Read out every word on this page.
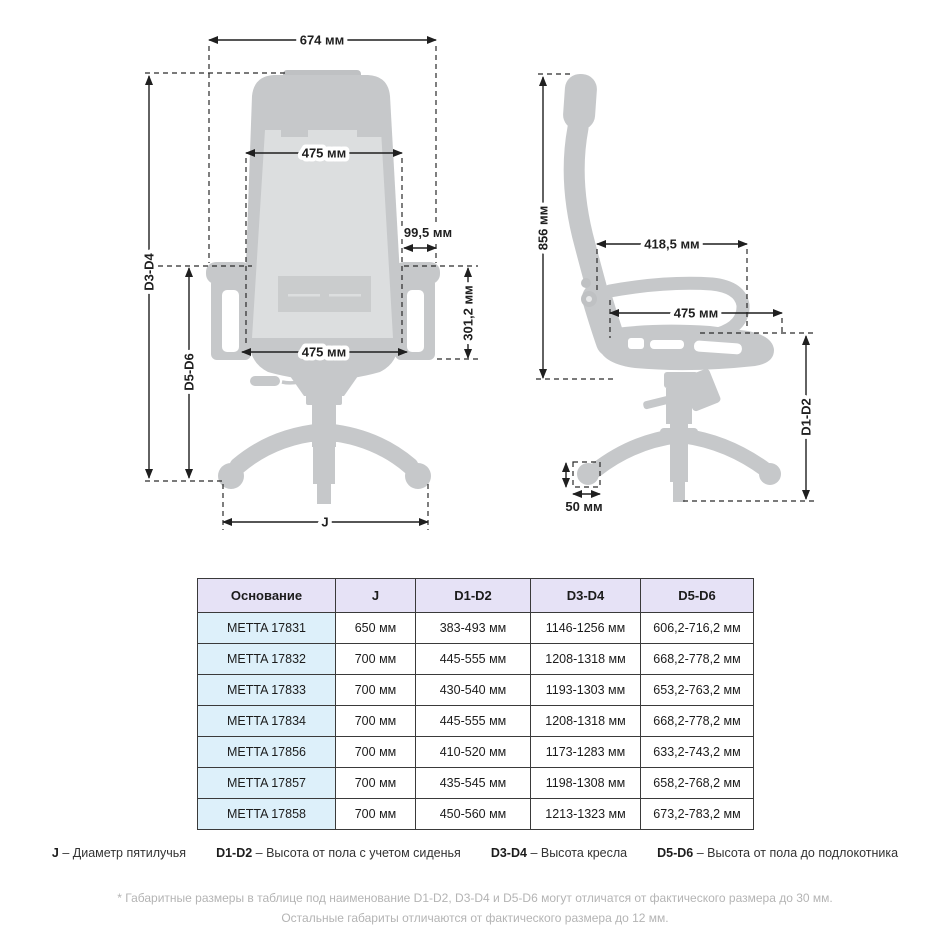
674 мм
475 мм
99,5 мм
301,2 мм
475 мм
D3-D4
D5-D6
J
856 мм	418,5 мм
475 мм
D1-D2
50 мм
Основание	J	D1-D2	D3-D4	D5-D6
METTA 17831	650 мм	383-493 мм	1146-1256 мм	606,2-716,2 мм
METTA 17832	700 мм	445-555 мм	1208-1318 мм	668,2-778,2 мм
METTA 17833	700 мм	430-540 мм	1193-1303 мм	653,2-763,2 мм
METTA 17834	700 мм	445-555 мм	1208-1318 мм	668,2-778,2 мм
METTA 17856	700 мм	410-520 мм	1173-1283 мм	633,2-743,2 мм
METTA 17857	700 мм	435-545 мм	1198-1308 мм	658,2-768,2 мм
METTA 17858	700 мм	450-560 мм	1213-1323 мм	673,2-783,2 мм
J – Диаметр пятилучья D1-D2 – Высота от пола с учетом сиденья D3-D4 – Высота кресла D5-D6 – Высота от пола до подлокотника
* Габаритные размеры в таблице под наименование D1-D2, D3-D4 и D5-D6 могут отличатся от фактического размера до 30 мм.
Остальные габариты отличаются от фактического размера до 12 мм.
